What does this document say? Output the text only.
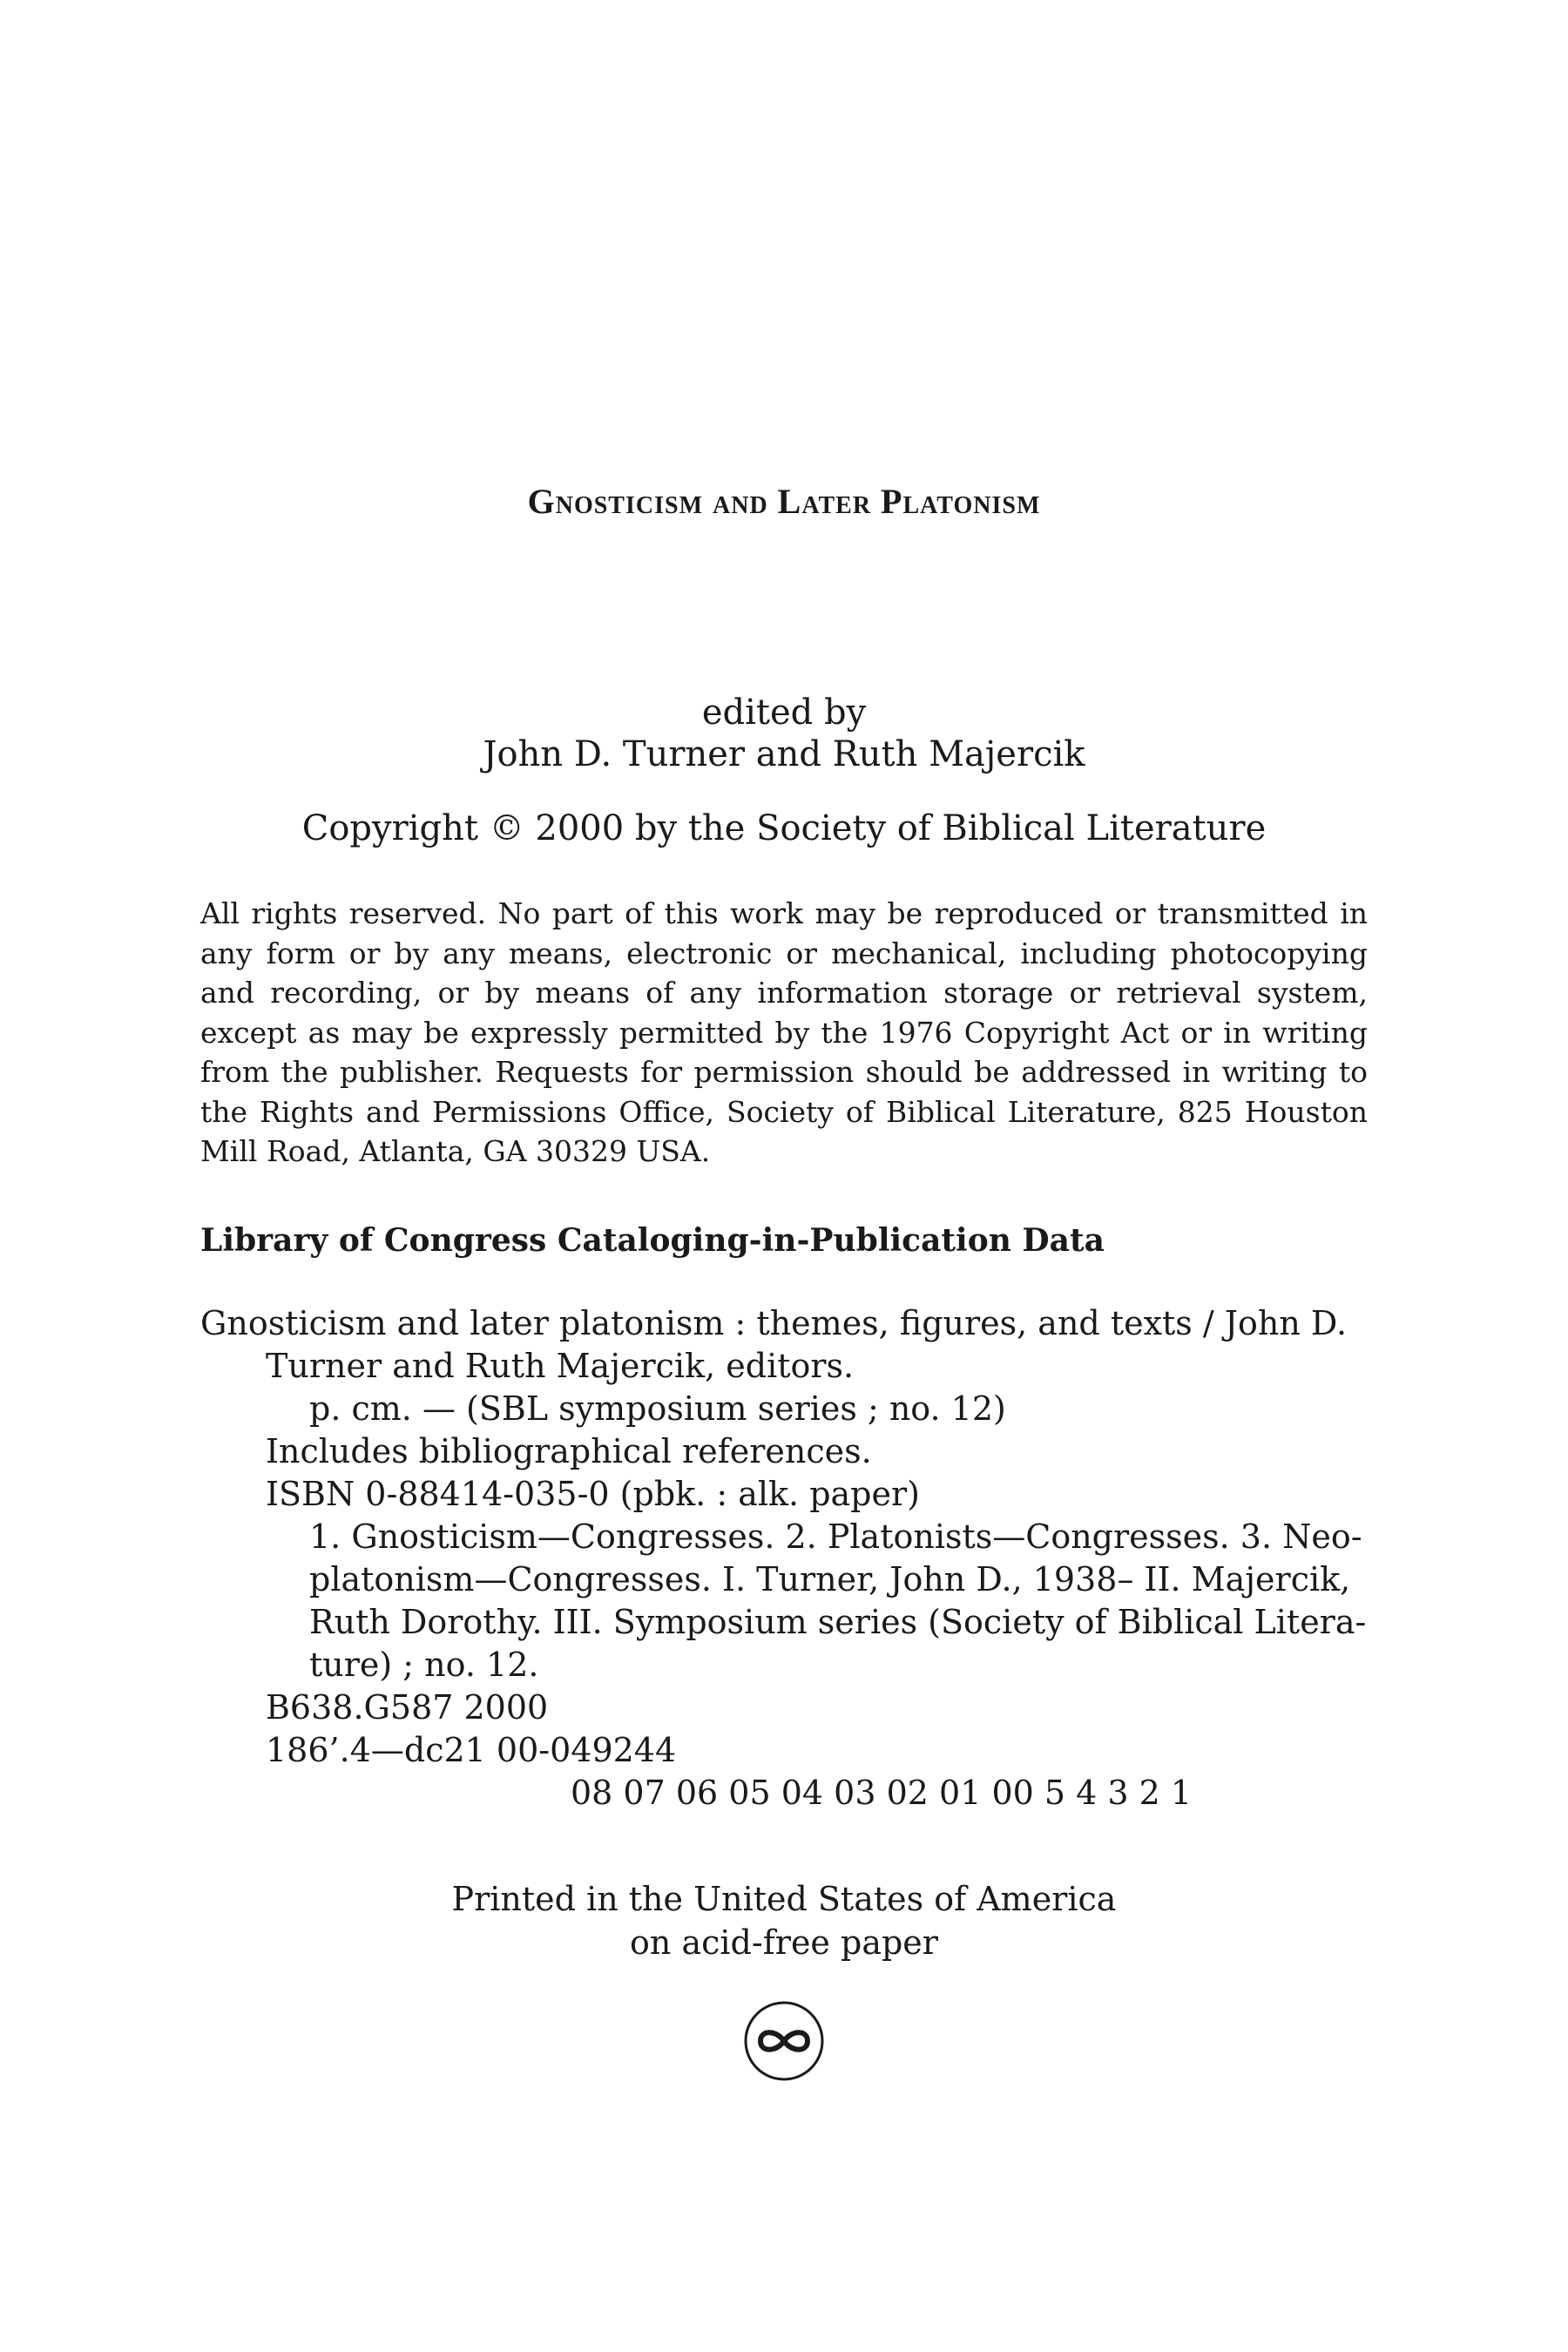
Gnosticism and Later Platonism
edited by
John D. Turner and Ruth Majercik
Copyright © 2000 by the Society of Biblical Literature

All rights reserved. No part of this work may be reproduced or transmitted in any form or by any means, electronic or mechanical, including photocopying and recording, or by means of any information storage or retrieval system, except as may be expressly permitted by the 1976 Copyright Act or in writing from the publisher. Requests for permission should be addressed in writing to the Rights and Permissions Office, Society of Biblical Literature, 825 Houston Mill Road, Atlanta, GA 30329 USA.

Library of Congress Cataloging-in-Publication Data
Gnosticism and later platonism : themes, figures, and texts / John D.
Turner and Ruth Majercik, editors.
p. cm. — (SBL symposium series ; no. 12)
Includes bibliographical references.
ISBN 0-88414-035-0 (pbk. : alk. paper)
1. Gnosticism—Congresses. 2. Platonists—Congresses. 3. Neo-
platonism—Congresses. I. Turner, John D., 1938– II. Majercik,
Ruth Dorothy. III. Symposium series (Society of Biblical Litera-
ture) ; no. 12.
B638.G587 2000
186’.4—dc21 00-049244
08 07 06 05 04 03 02 01 00 5 4 3 2 1
Printed in the United States of America
on acid-free paper
